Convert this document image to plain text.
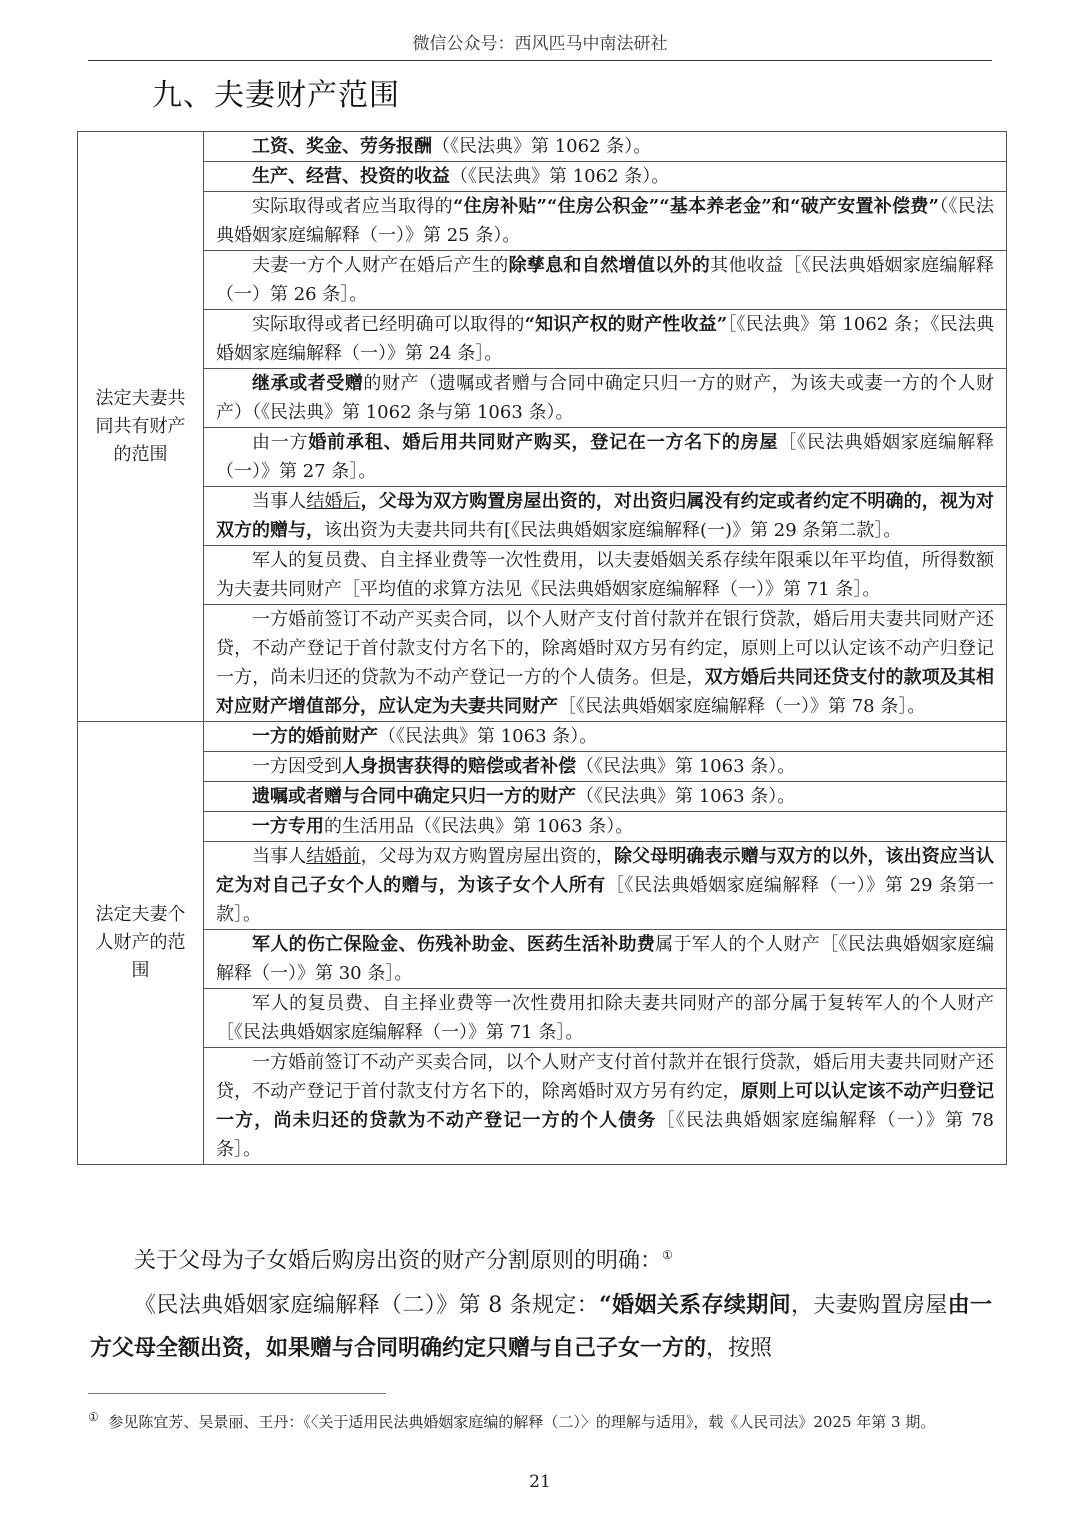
微信公众号：西风匹马中南法研社
九、夫妻财产范围
法定夫妻共同共有财产的范围	工资、奖金、劳务报酬（《民法典》第 1062 条）。
	生产、经营、投资的收益（《民法典》第 1062 条）。
	实际取得或者应当取得的“住房补贴”“住房公积金”“基本养老金”和“破产安置补偿费”（《民法典婚姻家庭编解释（一）》第 25 条）。
	夫妻一方个人财产在婚后产生的除孳息和自然增值以外的其他收益［《民法典婚姻家庭编解释（一）第 26 条］。
	实际取得或者已经明确可以取得的“知识产权的财产性收益”［《民法典》第 1062 条；《民法典婚姻家庭编解释（一）》第 24 条］。
	继承或者受赠的财产（遗嘱或者赠与合同中确定只归一方的财产，为该夫或妻一方的个人财产）（《民法典》第 1062 条与第 1063 条）。
	由一方婚前承租、婚后用共同财产购买，登记在一方名下的房屋［《民法典婚姻家庭编解释（一）》第 27 条］。
	当事人结婚后，父母为双方购置房屋出资的，对出资归属没有约定或者约定不明确的，视为对双方的赠与，该出资为夫妻共同共有[《民法典婚姻家庭编解释(一)》第 29 条第二款］。
	军人的复员费、自主择业费等一次性费用，以夫妻婚姻关系存续年限乘以年平均值，所得数额为夫妻共同财产［平均值的求算方法见《民法典婚姻家庭编解释（一）》第 71 条］。
	一方婚前签订不动产买卖合同，以个人财产支付首付款并在银行贷款，婚后用夫妻共同财产还贷，不动产登记于首付款支付方名下的，除离婚时双方另有约定，原则上可以认定该不动产归登记一方，尚未归还的贷款为不动产登记一方的个人债务。但是，双方婚后共同还贷支付的款项及其相对应财产增值部分，应认定为夫妻共同财产［《民法典婚姻家庭编解释（一）》第 78 条］。
法定夫妻个人财产的范围	一方的婚前财产（《民法典》第 1063 条）。
	一方因受到人身损害获得的赔偿或者补偿（《民法典》第 1063 条）。
	遗嘱或者赠与合同中确定只归一方的财产（《民法典》第 1063 条）。
	一方专用的生活用品（《民法典》第 1063 条）。
	当事人结婚前，父母为双方购置房屋出资的，除父母明确表示赠与双方的以外，该出资应当认定为对自己子女个人的赠与，为该子女个人所有［《民法典婚姻家庭编解释（一）》第 29 条第一款］。
	军人的伤亡保险金、伤残补助金、医药生活补助费属于军人的个人财产［《民法典婚姻家庭编解释（一）》第 30 条］。
	军人的复员费、自主择业费等一次性费用扣除夫妻共同财产的部分属于复转军人的个人财产［《民法典婚姻家庭编解释（一）》第 71 条］。
	一方婚前签订不动产买卖合同，以个人财产支付首付款并在银行贷款，婚后用夫妻共同财产还贷，不动产登记于首付款支付方名下的，除离婚时双方另有约定，原则上可以认定该不动产归登记一方，尚未归还的贷款为不动产登记一方的个人债务［《民法典婚姻家庭编解释（一）》第 78 条］。

关于父母为子女婚后购房出资的财产分割原则的明确：①

《民法典婚姻家庭编解释（二）》第 8 条规定：“婚姻关系存续期间，夫妻购置房屋由一方父母全额出资，如果赠与合同明确约定只赠与自己子女一方的，按照

① 参见陈宜芳、吴景丽、王丹：《〈关于适用民法典婚姻家庭编的解释（二）〉的理解与适用》，载《人民司法》2025 年第 3 期。

21
